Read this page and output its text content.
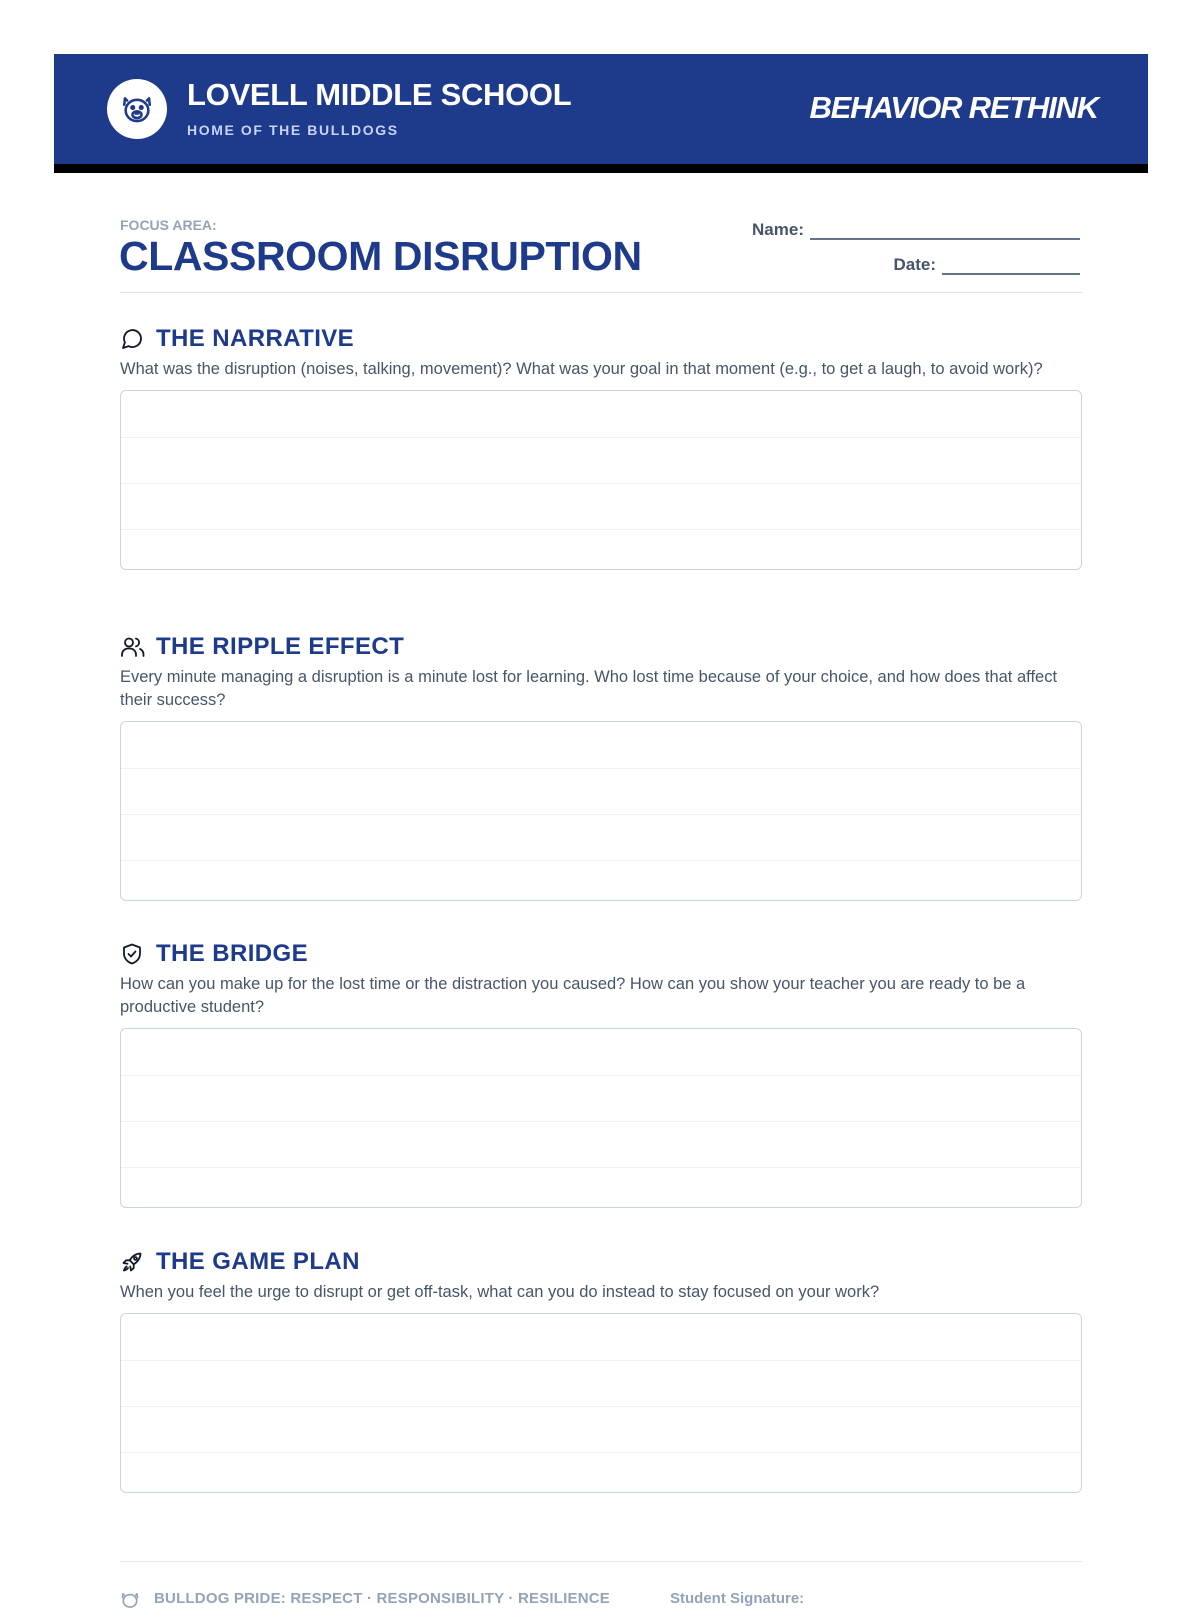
LOVELL MIDDLE SCHOOL
HOME OF THE BULLDOGS
BEHAVIOR RETHINK
FOCUS AREA:
CLASSROOM DISRUPTION
Name:
Date:
THE NARRATIVE
What was the disruption (noises, talking, movement)? What was your goal in that moment (e.g., to get a laugh, to avoid work)?
THE RIPPLE EFFECT
Every minute managing a disruption is a minute lost for learning. Who lost time because of your choice, and how does that affect their success?
THE BRIDGE
How can you make up for the lost time or the distraction you caused? How can you show your teacher you are ready to be a productive student?
THE GAME PLAN
When you feel the urge to disrupt or get off-task, what can you do instead to stay focused on your work?
BULLDOG PRIDE: RESPECT · RESPONSIBILITY · RESILIENCE	Student Signature:
